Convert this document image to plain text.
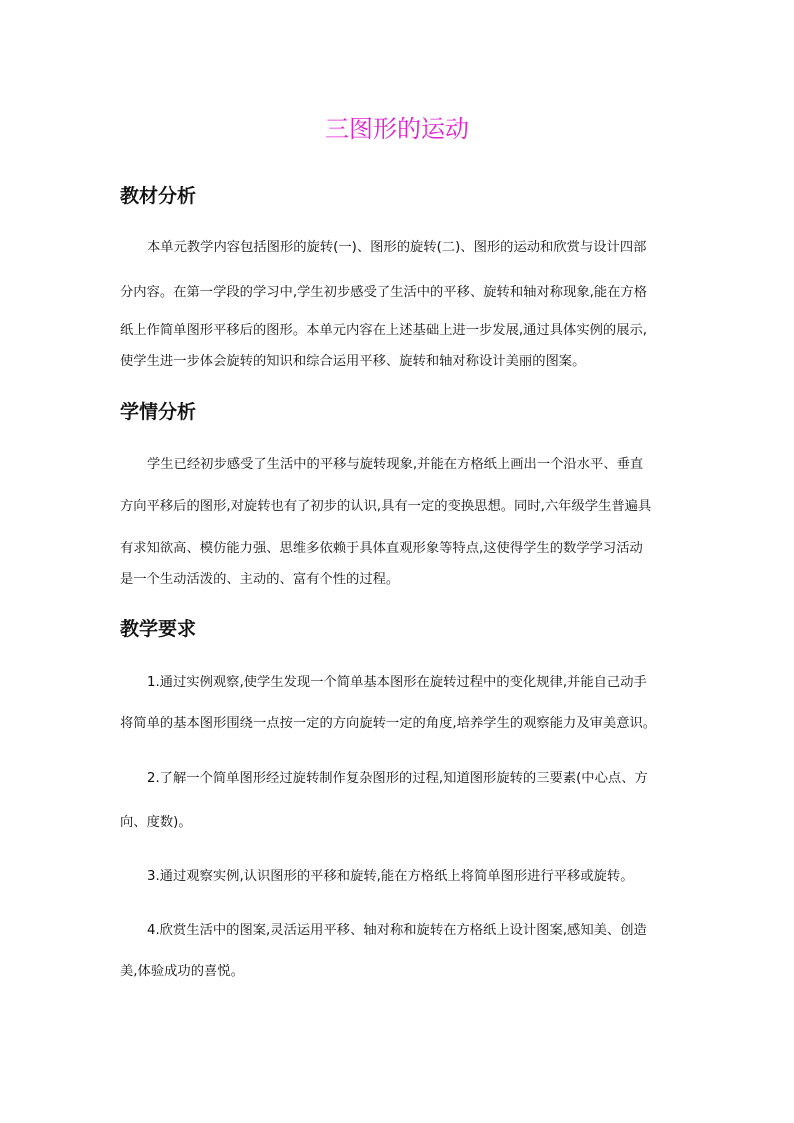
三图形的运动
教材分析
本单元教学内容包括图形的旋转(一)、图形的旋转(二)、图形的运动和欣赏与设计四部
分内容。在第一学段的学习中,学生初步感受了生活中的平移、旋转和轴对称现象,能在方格
纸上作简单图形平移后的图形。本单元内容在上述基础上进一步发展,通过具体实例的展示,
使学生进一步体会旋转的知识和综合运用平移、旋转和轴对称设计美丽的图案。
学情分析
学生已经初步感受了生活中的平移与旋转现象,并能在方格纸上画出一个沿水平、垂直
方向平移后的图形,对旋转也有了初步的认识,具有一定的变换思想。同时,六年级学生普遍具
有求知欲高、模仿能力强、思维多依赖于具体直观形象等特点,这使得学生的数学学习活动
是一个生动活泼的、主动的、富有个性的过程。
教学要求
1.通过实例观察,使学生发现一个简单基本图形在旋转过程中的变化规律,并能自己动手
将简单的基本图形围绕一点按一定的方向旋转一定的角度,培养学生的观察能力及审美意识。
2.了解一个简单图形经过旋转制作复杂图形的过程,知道图形旋转的三要素(中心点、方
向、度数)。
3.通过观察实例,认识图形的平移和旋转,能在方格纸上将简单图形进行平移或旋转。
4.欣赏生活中的图案,灵活运用平移、轴对称和旋转在方格纸上设计图案,感知美、创造
美,体验成功的喜悦。
